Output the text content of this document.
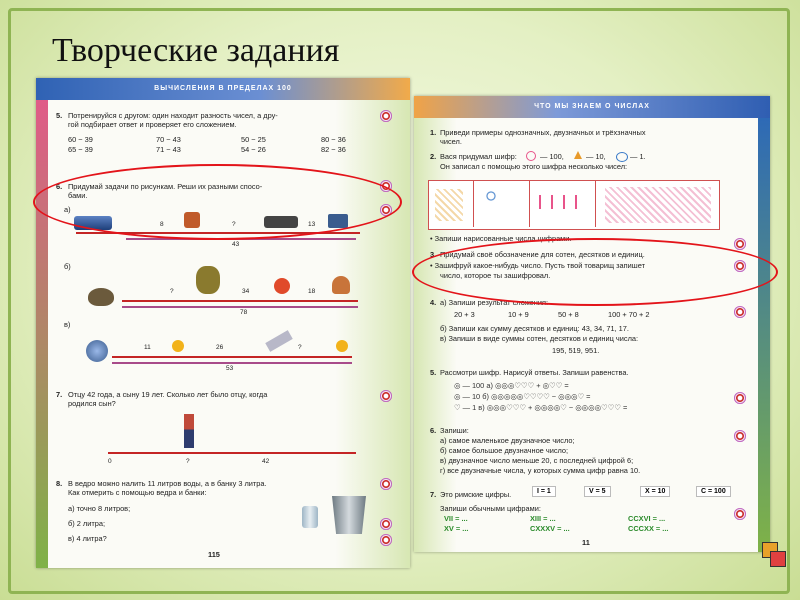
Творческие задания
ВЫЧИСЛЕНИЯ В ПРЕДЕЛАХ 100
5. Потренируйся с другом: один находит разность чисел, а дру-
гой подбирает ответ и проверяет его сложением.
60 − 39	70 − 43	50 − 25	80 − 36
65 − 39	71 − 43	54 − 26	82 − 36
6. Придумай задачи по рисункам. Реши их разными спосо-
бами.
а)
8	?	13
43
б)
?	34	18
78
в)
11	26	?
53
7. Отцу 42 года, а сыну 19 лет. Сколько лет было отцу, когда
родился сын?
0	?	42
8. В ведро можно налить 11 литров воды, а в банку 3 литра.
Как отмерить с помощью ведра и банки:
а) точно 8 литров;
б) 2 литра;
в) 4 литра?
115
ЧТО МЫ ЗНАЕМ О ЧИСЛАХ
1. Приведи примеры однозначных, двузначных и трёхзначных
чисел.
2. Вася придумал шифр:	— 100,	— 10,	— 1.
Он записал с помощью этого шифра несколько чисел:
• Запиши нарисованные числа цифрами.
3. Придумай своё обозначение для сотен, десятков и единиц.
• Зашифруй какое-нибудь число. Пусть твой товарищ запишет
число, которое ты зашифровал.
4. а) Запиши результат сложения:
20 + 3	10 + 9	50 + 8	100 + 70 + 2
б) Запиши как сумму десятков и единиц: 43, 34, 71, 17.
в) Запиши в виде суммы сотен, десятков и единиц числа:
195, 519, 951.
5. Рассмотри шифр. Нарисуй ответы. Запиши равенства.
◎ — 100 а) ◎◎◎♡♡♡ + ◎♡♡ =
◎ — 10 б) ◎◎◎◎◎♡♡♡♡ − ◎◎◎♡ =
♡ — 1 в) ◎◎◎♡♡♡ + ◎◎◎◎♡ − ◎◎◎◎♡♡♡ =
6. Запиши:
а) самое маленькое двузначное число;
б) самое большое двузначное число;
в) двузначное число меньше 20, с последней цифрой 6;
г) все двузначные числа, у которых сумма цифр равна 10.
7. Это римские цифры.	I = 1	V = 5	X = 10	C = 100
Запиши обычными цифрами:
VII = ...	XIII = ...	CCXVI = ...
XV = ...	CXXXV = ...	CCCXX = ...
11
